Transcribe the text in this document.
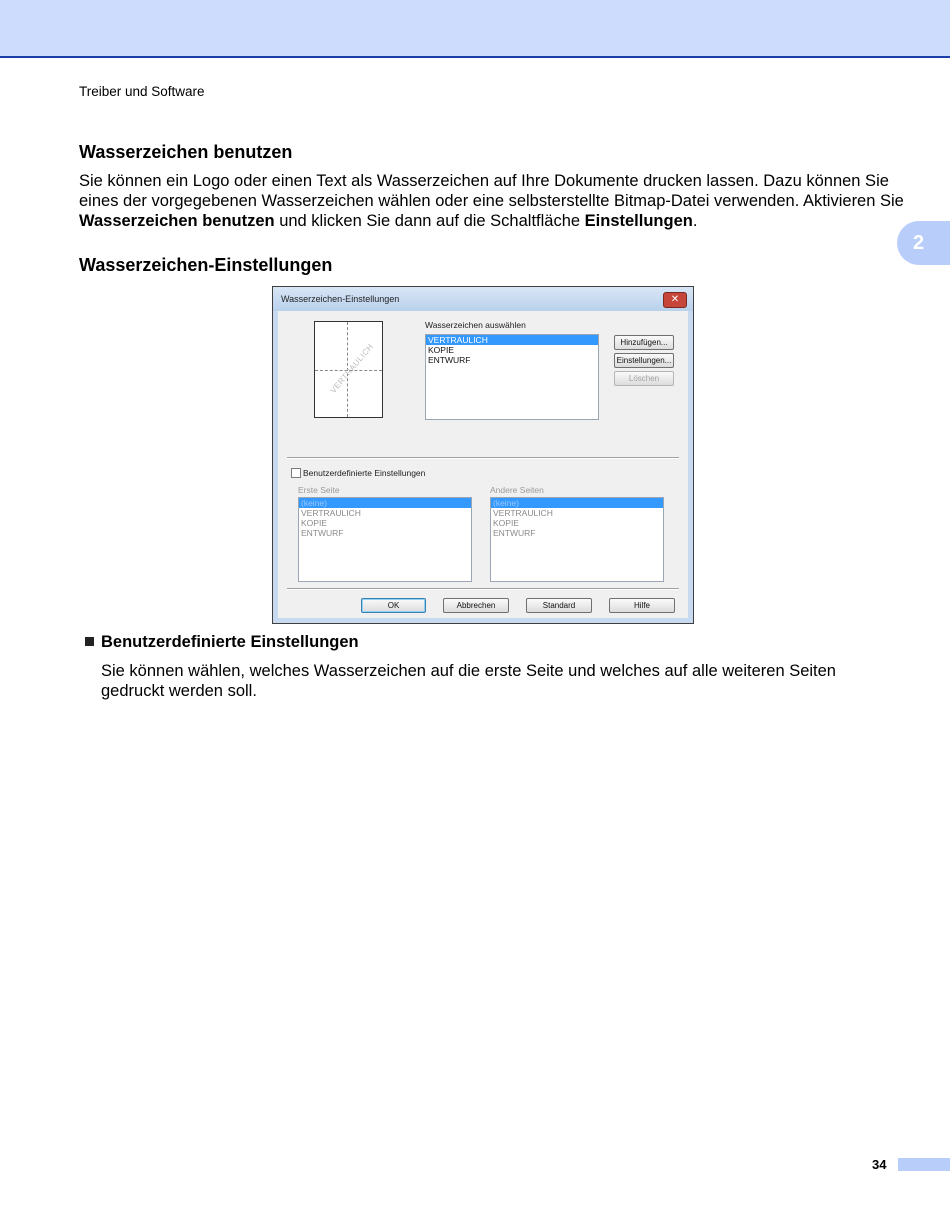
Treiber und Software
2
Wasserzeichen benutzen
Sie können ein Logo oder einen Text als Wasserzeichen auf Ihre Dokumente drucken lassen. Dazu können Sie eines der vorgegebenen Wasserzeichen wählen oder eine selbsterstellte Bitmap-Datei verwenden. Aktivieren Sie Wasserzeichen benutzen und klicken Sie dann auf die Schaltfläche Einstellungen.
Wasserzeichen-Einstellungen
Wasserzeichen-Einstellungen	✕
VERTRAULICH
Wasserzeichen auswählen
VERTRAULICH
KOPIE
ENTWURF
Hinzufügen...
Einstellungen...
Löschen
Benutzerdefinierte Einstellungen
Erste Seite
(keine)
VERTRAULICH
KOPIE
ENTWURF
Andere Seiten
(keine)
VERTRAULICH
KOPIE
ENTWURF
OK	Abbrechen	Standard	Hilfe
Benutzerdefinierte Einstellungen
Sie können wählen, welches Wasserzeichen auf die erste Seite und welches auf alle weiteren Seiten gedruckt werden soll.
34
